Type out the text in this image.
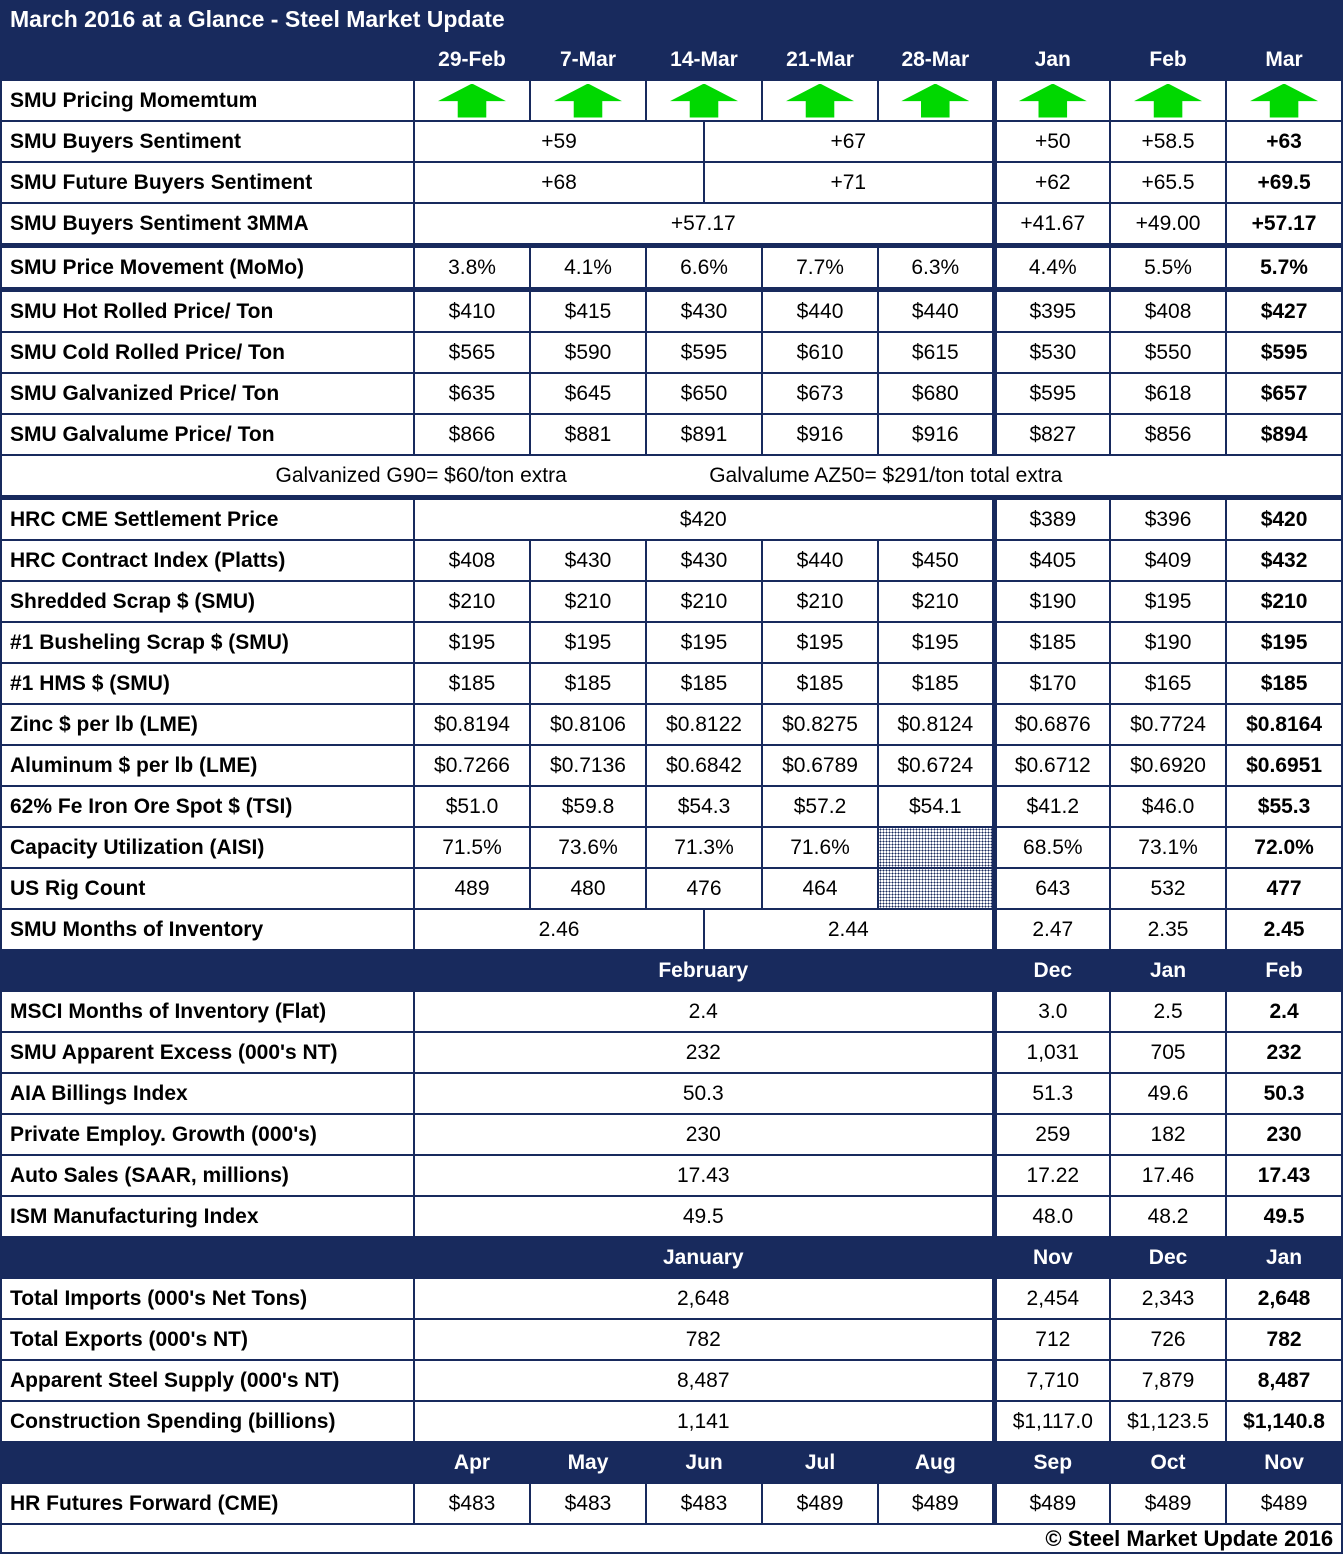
March 2016 at a Glance - Steel Market Update
	29-Feb	7-Mar	14-Mar		21-Mar	28-Mar	Jan	Feb	Mar
SMU Pricing Momemtum		

SMU Buyers Sentiment	+59			+67			+50	+58.5	+63
SMU Future Buyers Sentiment	+68			+71			+62	+65.5	+69.5
SMU Buyers Sentiment 3MMA	+57.17						+41.67	+49.00	+57.17
SMU Price Movement (MoMo)	3.8%	4.1%	6.6%		7.7%	6.3%	4.4%	5.5%	5.7%
SMU Hot Rolled Price/ Ton	$410	$415	$430		$440	$440	$395	$408	$427
SMU Cold Rolled Price/ Ton	$565	$590	$595		$610	$615	$530	$550	$595
SMU Galvanized Price/ Ton	$635	$645	$650		$673	$680	$595	$618	$657
SMU Galvalume Price/ Ton	$866	$881	$891		$916	$916	$827	$856	$894

Galvanized G90= $60/ton extra Galvalume AZ50= $291/ton total extra									

HRC CME Settlement Price	$420						$389	$396	$420
HRC Contract Index (Platts)	$408	$430	$430		$440	$450	$405	$409	$432
Shredded Scrap $ (SMU)	$210	$210	$210		$210	$210	$190	$195	$210
#1 Busheling Scrap $ (SMU)	$195	$195	$195		$195	$195	$185	$190	$195
#1 HMS $ (SMU)	$185	$185	$185		$185	$185	$170	$165	$185
Zinc $ per lb (LME)	$0.8194	$0.8106	$0.8122		$0.8275	$0.8124	$0.6876	$0.7724	$0.8164
Aluminum $ per lb (LME)	$0.7266	$0.7136	$0.6842		$0.6789	$0.6724	$0.6712	$0.6920	$0.6951
62% Fe Iron Ore Spot $ (TSI)	$51.0	$59.8	$54.3		$57.2	$54.1	$41.2	$46.0	$55.3
Capacity Utilization (AISI)	71.5%	73.6%	71.3%		71.6%		68.5%	73.1%	72.0%
US Rig Count	489	480	476		464		643	532	477
SMU Months of Inventory	2.46			2.44			2.47	2.35	2.45
	February						Dec	Jan	Feb
MSCI Months of Inventory (Flat)	2.4						3.0	2.5	2.4
SMU Apparent Excess (000's NT)	232						1,031	705	232
AIA Billings Index	50.3						51.3	49.6	50.3
Private Employ. Growth (000's)	230						259	182	230
Auto Sales (SAAR, millions)	17.43						17.22	17.46	17.43
ISM Manufacturing Index	49.5						48.0	48.2	49.5
	January						Nov	Dec	Jan
Total Imports (000's Net Tons)	2,648						2,454	2,343	2,648
Total Exports (000's NT)	782						712	726	782
Apparent Steel Supply (000's NT)	8,487						7,710	7,879	8,487
Construction Spending (billions)	1,141						$1,117.0	$1,123.5	$1,140.8
	Apr	May	Jun		Jul	Aug	Sep	Oct	Nov
HR Futures Forward (CME)	$483	$483	$483		$489	$489	$489	$489	$489
© Steel Market Update 2016									
